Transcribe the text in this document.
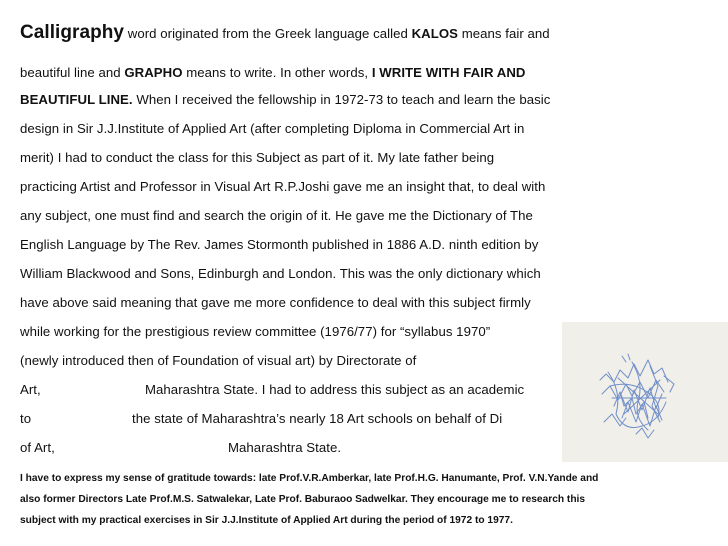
Calligraphy word originated from the Greek language called KALOS means fair and
beautiful line and GRAPHO means to write. In other words, I WRITE WITH FAIR AND
BEAUTIFUL LINE. When I received the fellowship in 1972-73 to teach and learn the basic
design in Sir J.J.Institute of Applied Art (after completing Diploma in Commercial Art in
merit) I had to conduct the class for this Subject as part of it. My late father being
practicing Artist and Professor in Visual Art R.P.Joshi gave me an insight that, to deal with
any subject, one must find and search the origin of it. He gave me the Dictionary of The
English Language by The Rev. James Stormonth published in 1886 A.D. ninth edition by
William Blackwood and Sons, Edinburgh and London. This was the only dictionary which
have above said meaning that gave me more confidence to deal with this subject firmly
while working for the prestigious review committee (1976/77) for “syllabus 1970”
(newly introduced then of Foundation of visual art) by Directorate of
Art,	Maharashtra State. I had to address this subject as an academic
to	the state of Maharashtra’s nearly 18 Art schools on behalf of Di
of Art,	Maharashtra State.
I have to express my sense of gratitude towards: late Prof.V.R.Amberkar, late Prof.H.G. Hanumante, Prof. V.N.Yande and
also former Directors Late Prof.M.S. Satwalekar, Late Prof. Baburaoo Sadwelkar. They encourage me to research this
subject with my practical exercises in Sir J.J.Institute of Applied Art during the period of 1972 to 1977.
